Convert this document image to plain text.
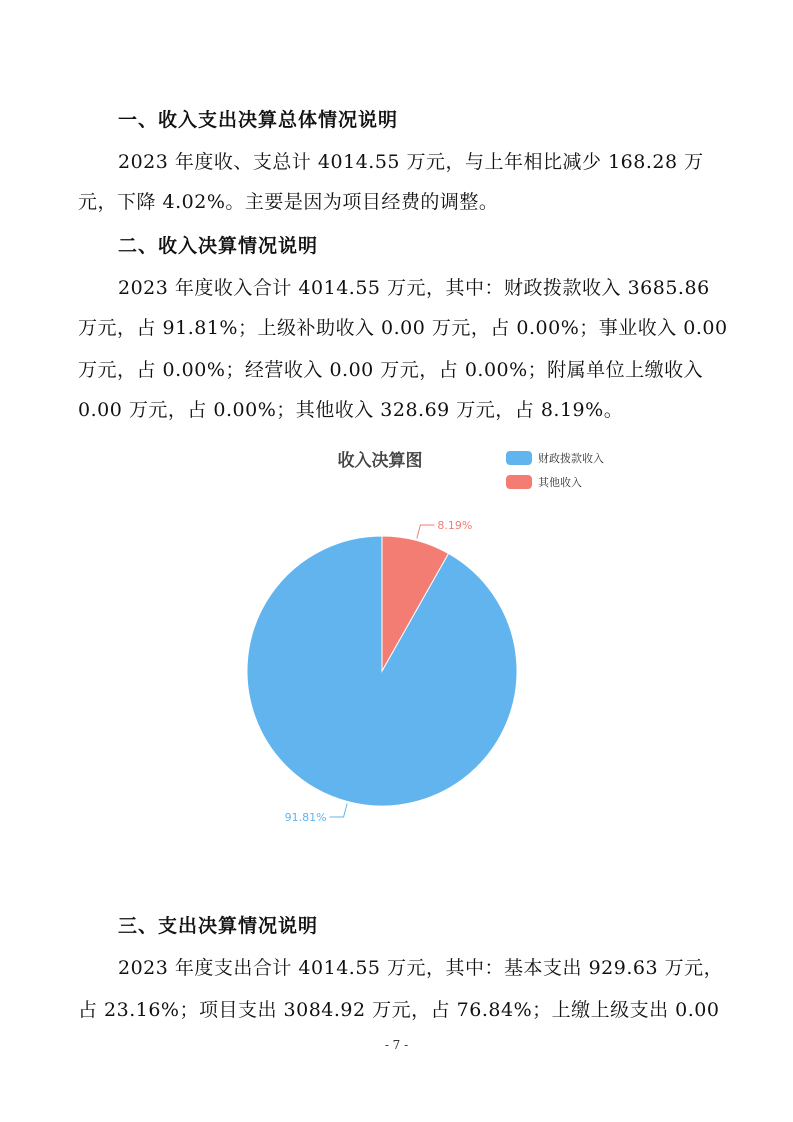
一、收入支出决算总体情况说明
2023 年度收、支总计 4014.55 万元，与上年相比减少 168.28 万
元，下降 4.02%。主要是因为项目经费的调整。
二、收入决算情况说明
2023 年度收入合计 4014.55 万元，其中：财政拨款收入 3685.86
万元，占 91.81%；上级补助收入 0.00 万元，占 0.00%；事业收入 0.00
万元，占 0.00%；经营收入 0.00 万元，占 0.00%；附属单位上缴收入
0.00 万元，占 0.00%；其他收入 328.69 万元，占 8.19%。
收入决算图	财政拨款收入
其他收入
91.81%
8.19%
三、支出决算情况说明
2023 年度支出合计 4014.55 万元，其中：基本支出 929.63 万元，
占 23.16%；项目支出 3084.92 万元，占 76.84%；上缴上级支出 0.00
- 7 -
